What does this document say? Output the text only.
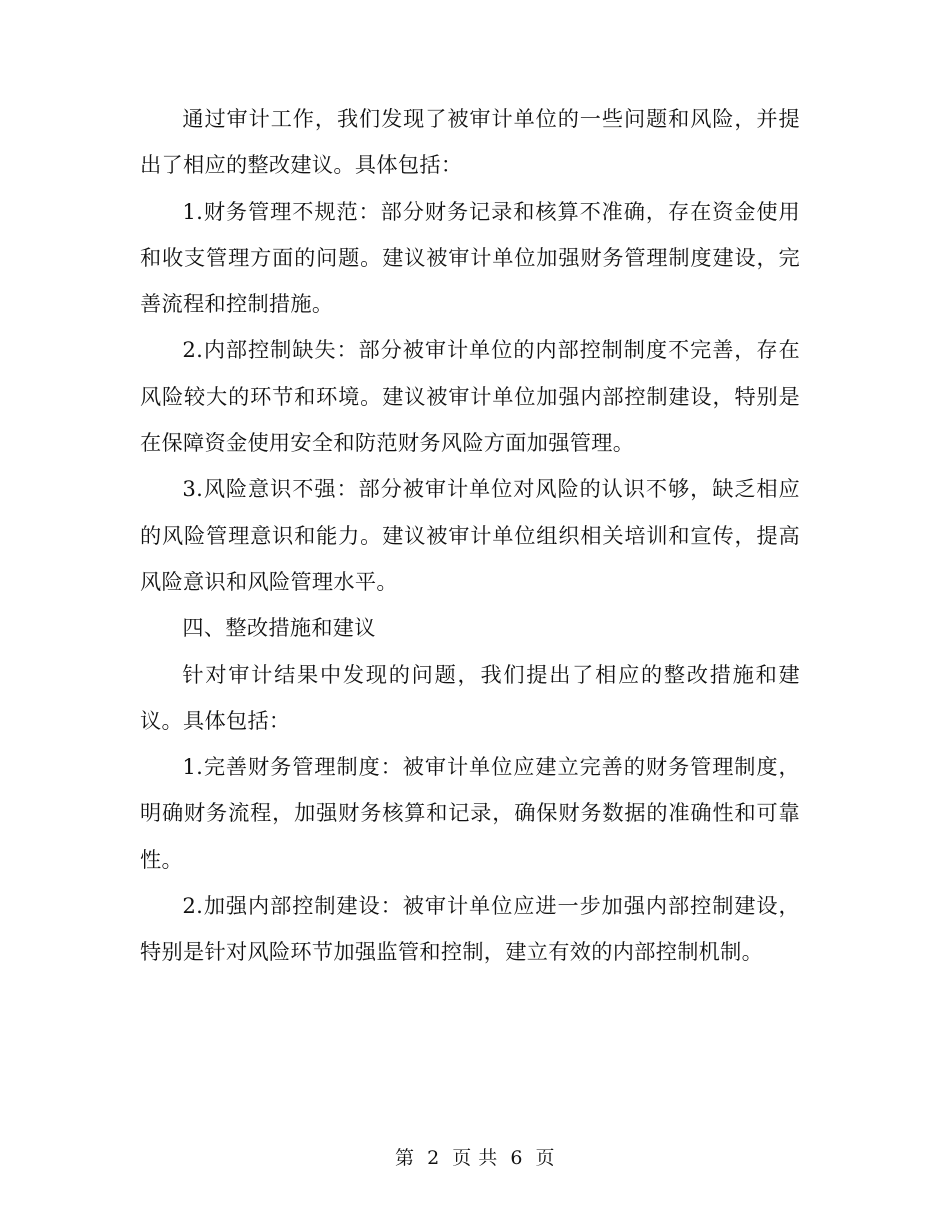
通过审计工作，我们发现了被审计单位的一些问题和风险，并提出了相应的整改建议。具体包括：

1.财务管理不规范：部分财务记录和核算不准确，存在资金使用和收支管理方面的问题。建议被审计单位加强财务管理制度建设，完善流程和控制措施。

2.内部控制缺失：部分被审计单位的内部控制制度不完善，存在风险较大的环节和环境。建议被审计单位加强内部控制建设，特别是在保障资金使用安全和防范财务风险方面加强管理。

3.风险意识不强：部分被审计单位对风险的认识不够，缺乏相应的风险管理意识和能力。建议被审计单位组织相关培训和宣传，提高风险意识和风险管理水平。

四、整改措施和建议

针对审计结果中发现的问题，我们提出了相应的整改措施和建议。具体包括：

1.完善财务管理制度：被审计单位应建立完善的财务管理制度，明确财务流程，加强财务核算和记录，确保财务数据的准确性和可靠性。

2.加强内部控制建设：被审计单位应进一步加强内部控制建设，特别是针对风险环节加强监管和控制，建立有效的内部控制机制。

第 2 页 共 6 页
